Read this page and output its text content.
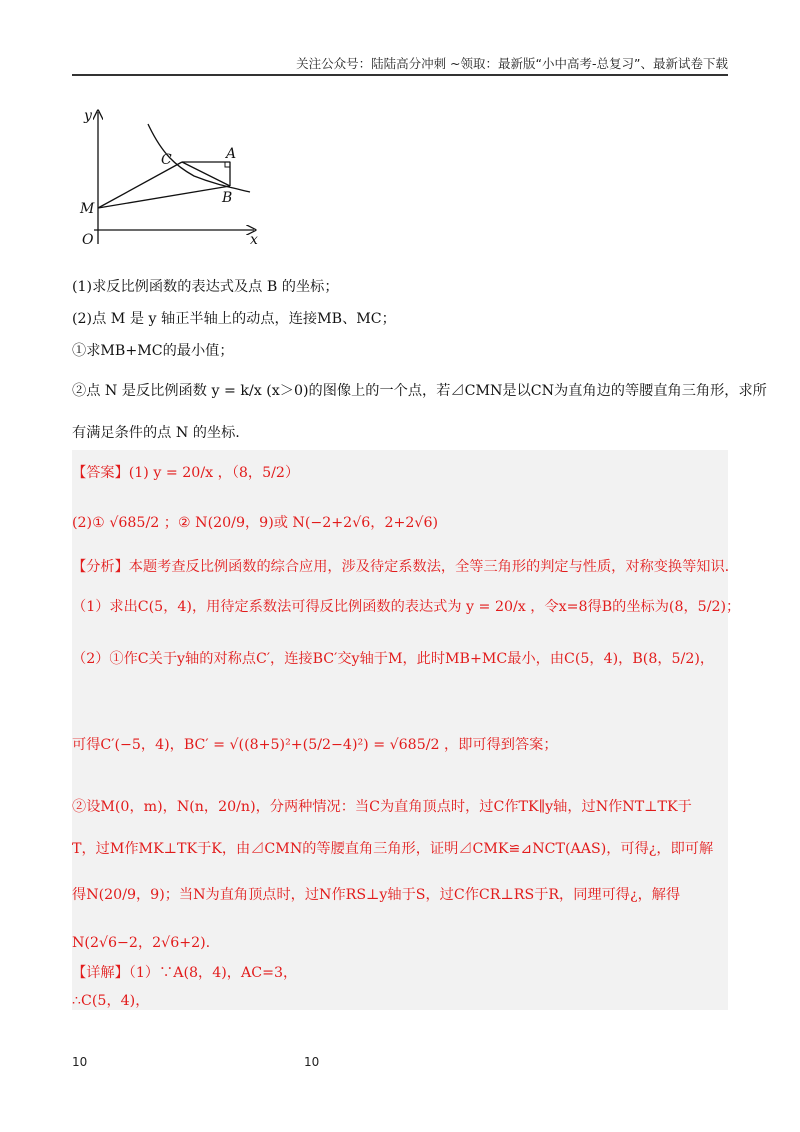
关注公众号：陆陆高分冲刺 ~领取：最新版“小中高考-总复习”、最新试卷下载
y
x
O
M
C	A
B
(1)求反比例函数的表达式及点 B 的坐标；
(2)点 M 是 y 轴正半轴上的动点，连接MB、MC；
①求MB+MC的最小值；
②点 N 是反比例函数 y = k/x (x＞0)的图像上的一个点，若⊿CMN是以CN为直角边的等腰直角三角形，求所
有满足条件的点 N 的坐标.
【答案】(1) y = 20/x ，（8，5/2）
(2)① √685/2 ；② N(20/9，9)或 N(−2+2√6，2+2√6)
【分析】本题考查反比例函数的综合应用，涉及待定系数法，全等三角形的判定与性质，对称变换等知识.
（1）求出C(5，4)，用待定系数法可得反比例函数的表达式为 y = 20/x ，令x=8得B的坐标为(8，5/2)；
（2）①作C关于y轴的对称点C′，连接BC′交y轴于M，此时MB+MC最小，由C(5，4)，B(8，5/2)，
可得C′(−5，4)，BC′ = √((8+5)²+(5/2−4)²) = √685/2 ，即可得到答案；
②设M(0，m)，N(n，20/n)，分两种情况：当C为直角顶点时，过C作TK∥y轴，过N作NT⊥TK于
T，过M作MK⊥TK于K，由⊿CMN的等腰直角三角形，证明⊿CMK≌⊿NCT(AAS)，可得¿，即可解
得N(20/9，9)；当N为直角顶点时，过N作RS⊥y轴于S，过C作CR⊥RS于R，同理可得¿，解得
N(2√6−2，2√6+2).
【详解】（1）∵A(8，4)，AC=3，
∴C(5，4)，
10	10
